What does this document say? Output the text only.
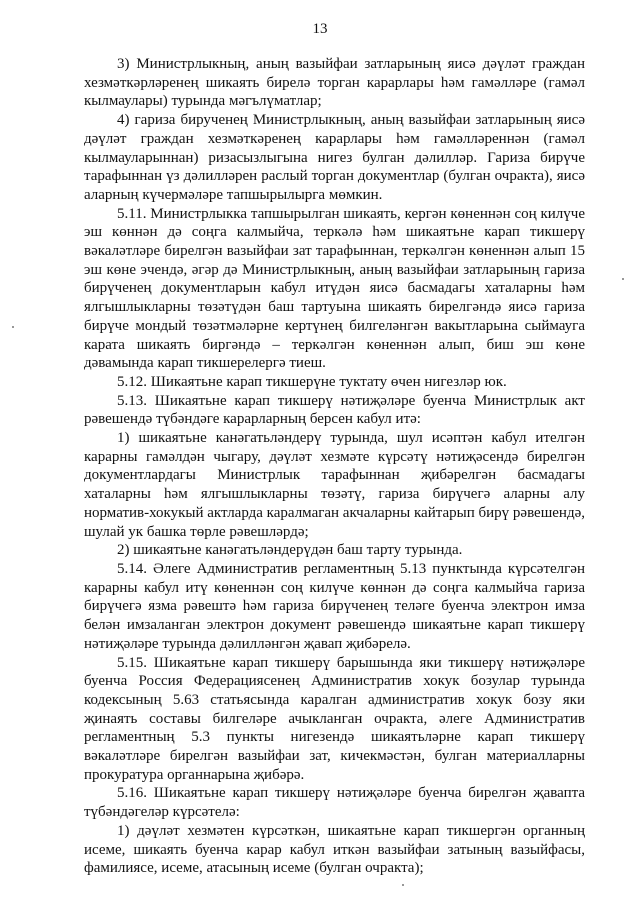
13

3) Министрлыкның, аның вазыйфаи затларының яисә дәүләт граждан хезмәткәрләренең шикаять бирелә торган карарлары һәм гамәлләре (гамәл кылмаулары) турында мәгълүматлар;

4) гариза бирученең Министрлыкның, аның вазыйфаи затларының яисә дәүләт граждан хезмәткәренең карарлары һәм гамәлләреннән (гамәл кылмауларыннан) ризасызлыгына нигез булган дәлилләр. Гариза бирүче тарафыннан үз дәлилләрен раслый торган документлар (булган очракта), яисә аларның күчермәләре тапшырылырга мөмкин.

5.11. Министрлыкка тапшырылган шикаять, кергән көненнән соң килүче эш көннән дә соңга калмыйча, теркәлә һәм шикаятьне карап тикшерү вәкаләтләре бирелгән вазыйфаи зат тарафыннан, теркәлгән көненнән алып 15 эш көне эчендә, әгәр дә Министрлыкның, аның вазыйфаи затларының гариза бирүченең документларын кабул итүдән яисә басмадагы хаталарны һәм ялгышлыкларны төзәтүдән баш тартуына шикаять бирелгәндә яисә гариза бирүче мондый төзәтмәләрне кертүнең билгеләнгән вакытларына сыймауга карата шикаять биргәндә – теркәлгән көненнән алып, биш эш көне дәвамында карап тикшерелергә тиеш.

5.12. Шикаятьне карап тикшерүне туктату өчен нигезләр юк.

5.13. Шикаятьне карап тикшерү нәтиҗәләре буенча Министрлык акт рәвешендә түбәндәге карарларның берсен кабул итә:

1) шикаятьне канәгатьләндерү турында, шул исәптән кабул ителгән карарны гамәлдән чыгару, дәүләт хезмәте күрсәтү нәтиҗәсендә бирелгән документлардагы Министрлык тарафыннан җибәрелгән басмадагы хаталарны һәм ялгышлыкларны төзәтү, гариза бирүчегә аларны алу норматив-хокукый актларда каралмаган акчаларны кайтарып бирү рәвешендә, шулай ук башка төрле рәвешләрдә;

2) шикаятьне канәгатьләндерүдән баш тарту турында.

5.14. Әлеге Административ регламентның 5.13 пунктында күрсәтелгән карарны кабул итү көненнән соң килүче көннән дә соңга калмыйча гариза бирүчегә язма рәвештә һәм гариза бирүченең теләге буенча электрон имза белән имзаланган электрон документ рәвешендә шикаятьне карап тикшерү нәтиҗәләре турында дәлилләнгән җавап җибәрелә.

5.15. Шикаятьне карап тикшерү барышында яки тикшерү нәтиҗәләре буенча Россия Федерациясенең Административ хокук бозулар турында кодексының 5.63 статьясында каралган административ хокук бозу яки җинаять составы билгеләре ачыкланган очракта, әлеге Административ регламентның 5.3 пункты нигезендә шикаятьләрне карап тикшерү вәкаләтләре бирелгән вазыйфаи зат, кичекмәстән, булган материалларны прокуратура органнарына җибәрә.

5.16. Шикаятьне карап тикшерү нәтиҗәләре буенча бирелгән җавапта түбәндәгеләр күрсәтелә:

1) дәүләт хезмәтен күрсәткән, шикаятьне карап тикшергән органның исеме, шикаять буенча карар кабул иткән вазыйфаи затының вазыйфасы, фамилиясе, исеме, атасының исеме (булган очракта);
